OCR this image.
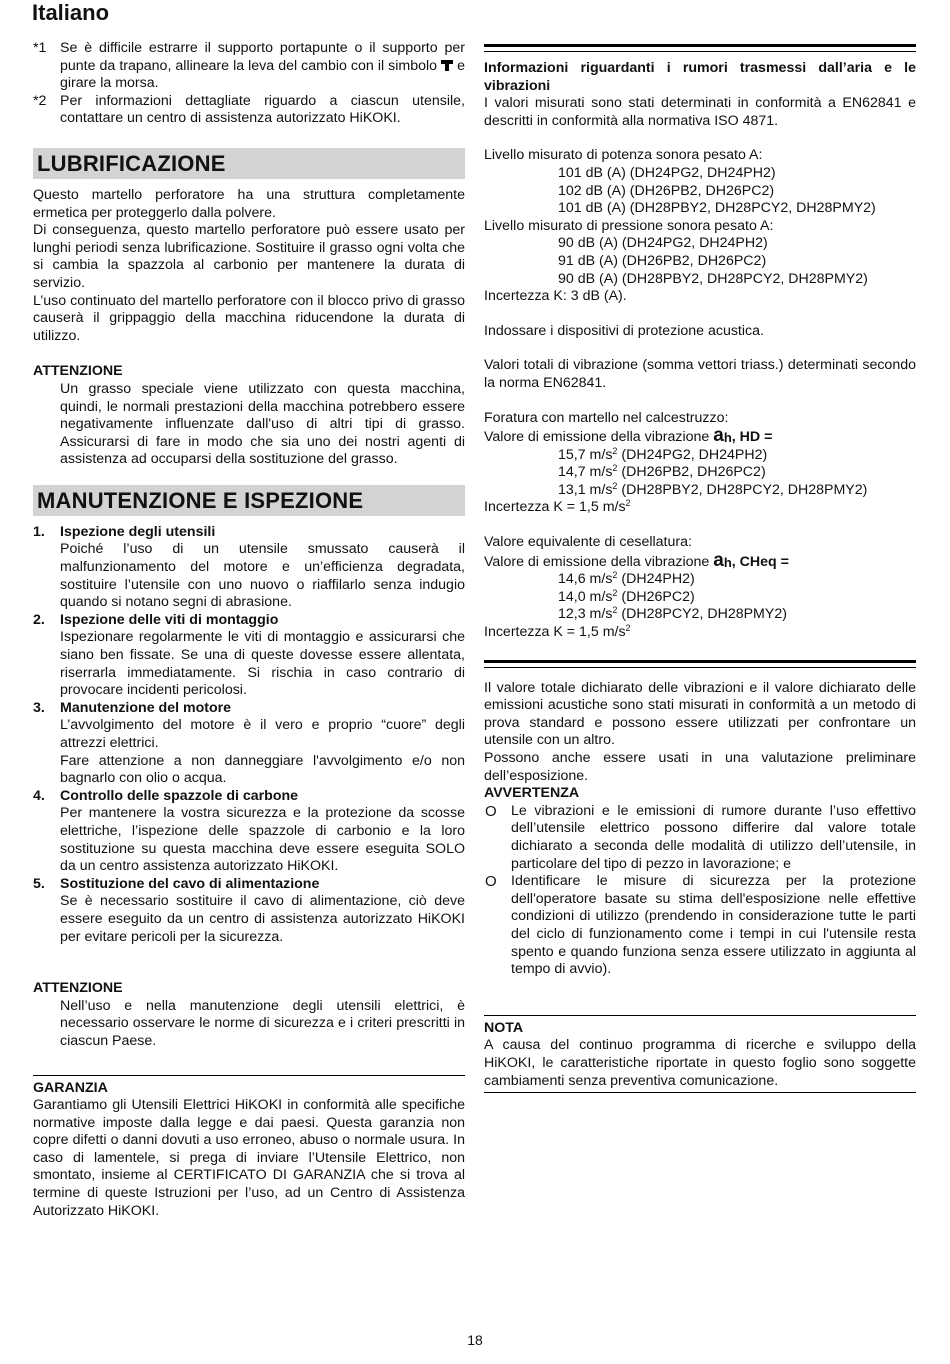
Italiano
*1 Se è difficile estrarre il supporto portapunte o il supporto per punte da trapano, allineare la leva del cambio con il simbolo e girare la morsa.
*2 Per informazioni dettagliate riguardo a ciascun utensile, contattare un centro di assistenza autorizzato HiKOKI.
LUBRIFICAZIONE

Questo martello perforatore ha una struttura completamente ermetica per proteggerlo dalla polvere.

Di conseguenza, questo martello perforatore può essere usato per lunghi periodi senza lubrificazione. Sostituire il grasso ogni volta che si cambia la spazzola al carbonio per mantenere la durata di servizio.

L’uso continuato del martello perforatore con il blocco privo di grasso causerà il grippaggio della macchina riducendone la durata di utilizzo.

ATTENZIONE

Un grasso speciale viene utilizzato con questa macchina, quindi, le normali prestazioni della macchina potrebbero essere negativamente influenzate dall'uso di altri tipi di grasso. Assicurarsi di fare in modo che sia uno dei nostri agenti di assistenza ad occuparsi della sostituzione del grasso.

MANUTENZIONE E ISPEZIONE
1. Ispezione degli utensili

Poiché l’uso di un utensile smussato causerà il malfunzionamento del motore e un’efficienza degradata, sostituire l’utensile con uno nuovo o riaffilarlo senza indugio quando si notano segni di abrasione.

2. Ispezione delle viti di montaggio

Ispezionare regolarmente le viti di montaggio e assicurarsi che siano ben fissate. Se una di queste dovesse essere allentata, riserrarla immediatamente. Si rischia in caso contrario di provocare incidenti pericolosi.

3. Manutenzione del motore

L’avvolgimento del motore è il vero e proprio “cuore” degli attrezzi elettrici.

Fare attenzione a non danneggiare l'avvolgimento e/o non bagnarlo con olio o acqua.

4. Controllo delle spazzole di carbone

Per mantenere la vostra sicurezza e la protezione da scosse elettriche, l’ispezione delle spazzole di carbonio e la loro sostituzione su questa macchina deve essere eseguita SOLO da un centro assistenza autorizzato HiKOKI.

5. Sostituzione del cavo di alimentazione

Se è necessario sostituire il cavo di alimentazione, ciò deve essere eseguito da un centro di assistenza autorizzato HiKOKI per evitare pericoli per la sicurezza.

ATTENZIONE

Nell’uso e nella manutenzione degli utensili elettrici, è necessario osservare le norme di sicurezza e i criteri prescritti in ciascun Paese.

GARANZIA

Garantiamo gli Utensili Elettrici HiKOKI in conformità alle specifiche normative imposte dalla legge e dai paesi. Questa garanzia non copre difetti o danni dovuti a uso erroneo, abuso o normale usura. In caso di lamentele, si prega di inviare l’Utensile Elettrico, non smontato, insieme al CERTIFICATO DI GARANZIA che si trova al termine di queste Istruzioni per l’uso, ad un Centro di Assistenza Autorizzato HiKOKI.

Informazioni riguardanti i rumori trasmessi dall’aria e le vibrazioni

I valori misurati sono stati determinati in conformità a EN62841 e descritti in conformità alla normativa ISO 4871.

Livello misurato di potenza sonora pesato A:

101 dB (A) (DH24PG2, DH24PH2)

102 dB (A) (DH26PB2, DH26PC2)

101 dB (A) (DH28PBY2, DH28PCY2, DH28PMY2)

Livello misurato di pressione sonora pesato A:

90 dB (A) (DH24PG2, DH24PH2)

91 dB (A) (DH26PB2, DH26PC2)

90 dB (A) (DH28PBY2, DH28PCY2, DH28PMY2)

Incertezza K: 3 dB (A).

Indossare i dispositivi di protezione acustica.

Valori totali di vibrazione (somma vettori triass.) determinati secondo la norma EN62841.

Foratura con martello nel calcestruzzo:

Valore di emissione della vibrazione $a_h$, HD =

15,7 $m/s^2$ (DH24PG2, DH24PH2)

14,7 $m/s^2$ (DH26PB2, DH26PC2)

13,1 $m/s^2$ (DH28PBY2, DH28PCY2, DH28PMY2)

Incertezza K = 1,5 $m/s^2$

Valore equivalente di cesellatura:

Valore di emissione della vibrazione $a_h$, CHeq =

14,6 $m/s^2$ (DH24PH2)

14,0 $m/s^2$ (DH26PC2)

12,3 $m/s^2$ (DH28PCY2, DH28PMY2)

Incertezza K = 1,5 $m/s^2$

Il valore totale dichiarato delle vibrazioni e il valore dichiarato delle emissioni acustiche sono stati misurati in conformità a un metodo di prova standard e possono essere utilizzati per confrontare un utensile con un altro.

Possono anche essere usati in una valutazione preliminare dell’esposizione.

AVVERTENZA

O Le vibrazioni e le emissioni di rumore durante l’uso effettivo dell’utensile elettrico possono differire dal valore totale dichiarato a seconda delle modalità di utilizzo dell’utensile, in particolare del tipo di pezzo in lavorazione; e

O Identificare le misure di sicurezza per la protezione dell'operatore basate su stima dell'esposizione nelle effettive condizioni di utilizzo (prendendo in considerazione tutte le parti del ciclo di funzionamento come i tempi in cui l'utensile resta spento e quando funziona senza essere utilizzato in aggiunta al tempo di avvio).

NOTA

A causa del continuo programma di ricerche e sviluppo della HiKOKI, le caratteristiche riportate in questo foglio sono soggette cambiamenti senza preventiva comunicazione.

18
